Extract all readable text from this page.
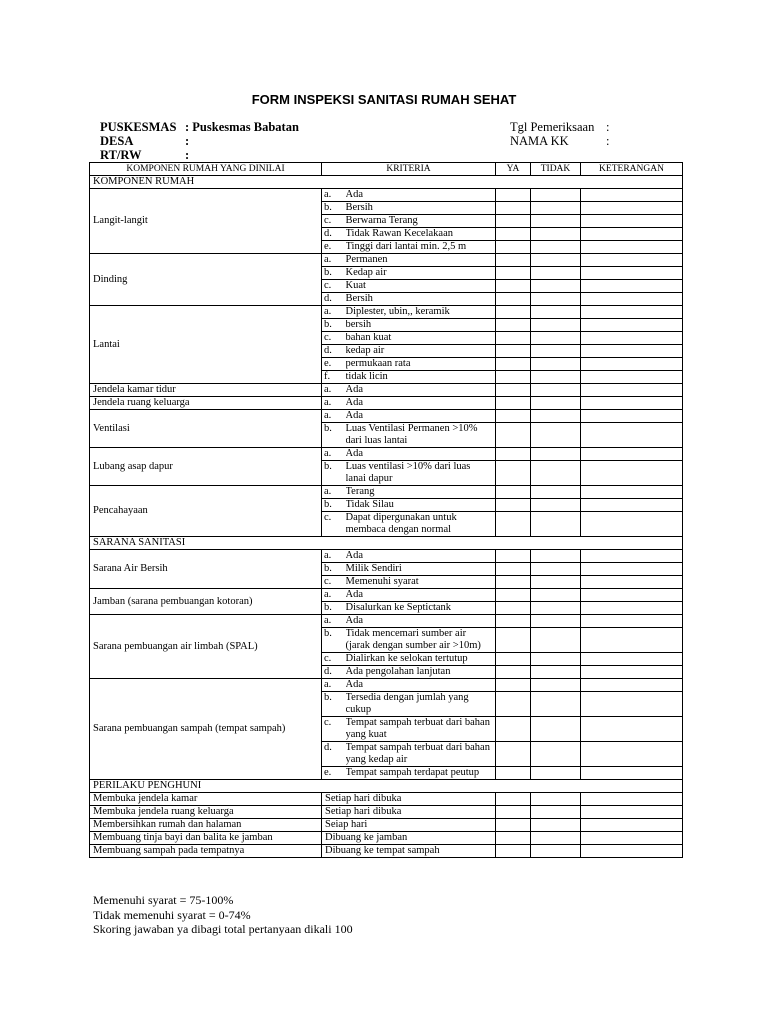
FORM INSPEKSI SANITASI RUMAH SEHAT
PUSKESMAS : Puskesmas Babatan
DESA	:
RT/RW	:
Tgl Pemeriksaan :
NAMA KK	:
KOMPONEN RUMAH YANG DINILAI	KRITERIA		YA	TIDAK	KETERANGAN
KOMPONEN RUMAH					
Langit-langit	a.	Ada			
	b.	Bersih			
	c.	Berwarna Terang			
	d.	Tidak Rawan Kecelakaan			
	e.	Tinggi dari lantai min. 2,5 m			
Dinding	a.	Permanen			
	b.	Kedap air			
	c.	Kuat			
	d.	Bersih			
Lantai	a.	Diplester, ubin,, keramik			
	b.	bersih			
	c.	bahan kuat			
	d.	kedap air			
	e.	permukaan rata			
	f.	tidak licin			
Jendela kamar tidur	a.	Ada			
Jendela ruang keluarga	a.	Ada			
Ventilasi	a.	Ada			
	b.	Luas Ventilasi Permanen >10% dari luas lantai			
Lubang asap dapur	a.	Ada			
	b.	Luas ventilasi >10% dari luas lanai dapur			
Pencahayaan	a.	Terang			
	b.	Tidak Silau			
	c.	Dapat dipergunakan untuk membaca dengan normal			
SARANA SANITASI					
Sarana Air Bersih	a.	Ada			
	b.	Milik Sendiri			
	c.	Memenuhi syarat			
Jamban (sarana pembuangan kotoran)	a.	Ada			
	b.	Disalurkan ke Septictank			
Sarana pembuangan air limbah (SPAL)	a.	Ada			
	b.	Tidak mencemari sumber air (jarak dengan sumber air >10m)			
	c.	Dialirkan ke selokan tertutup			
	d.	Ada pengolahan lanjutan			
Sarana pembuangan sampah (tempat sampah)	a.	Ada			
	b.	Tersedia dengan jumlah yang cukup			
	c.	Tempat sampah terbuat dari bahan yang kuat			
	d.	Tempat sampah terbuat dari bahan yang kedap air			
	e.	Tempat sampah terdapat peutup			
PERILAKU PENGHUNI					
Membuka jendela kamar	Setiap hari dibuka				
Membuka jendela ruang keluarga	Setiap hari dibuka				
Membersihkan rumah dan halaman	Seiap hari				
Membuang tinja bayi dan balita ke jamban	Dibuang ke jamban				
Membuang sampah pada tempatnya	Dibuang ke tempat sampah				
Memenuhi syarat = 75-100%
Tidak memenuhi syarat = 0-74%
Skoring jawaban ya dibagi total pertanyaan dikali 100
